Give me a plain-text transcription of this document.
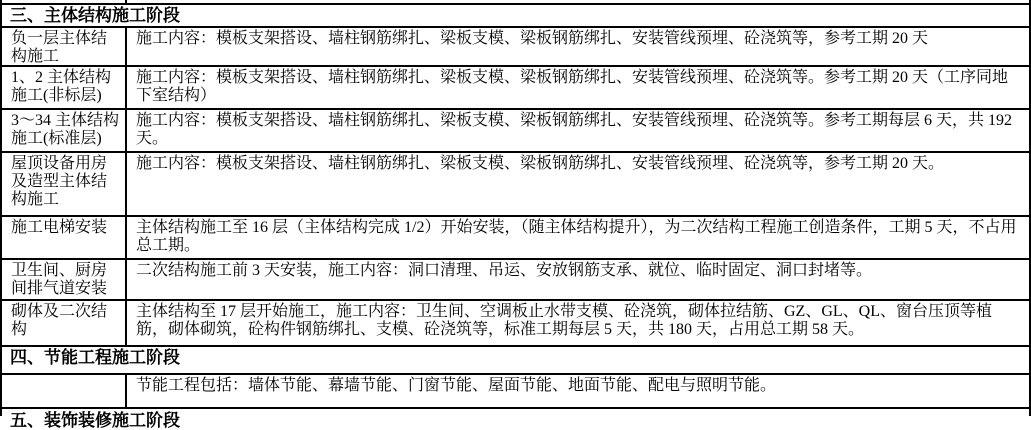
三、主体结构施工阶段
负一层主体结构施工
施工内容：模板支架搭设、墙柱钢筋绑扎、梁板支模、梁板钢筋绑扎、安装管线预埋、砼浇筑等，参考工期 20 天
1、2 主体结构施工(非标层)
施工内容：模板支架搭设、墙柱钢筋绑扎、梁板支模、梁板钢筋绑扎、安装管线预埋、砼浇筑等。参考工期 20 天（工序同地下室结构）
3～34 主体结构施工(标准层)
施工内容：模板支架搭设、墙柱钢筋绑扎、梁板支模、梁板钢筋绑扎、安装管线预埋、砼浇筑等。参考工期每层 6 天，共 192 天。
屋顶设备用房及造型主体结构施工
施工内容：模板支架搭设、墙柱钢筋绑扎、梁板支模、梁板钢筋绑扎、安装管线预埋、砼浇筑等，参考工期 20 天。
施工电梯安装	主体结构施工至 16 层（主体结构完成 1/2）开始安装，（随主体结构提升），为二次结构工程施工创造条件，工期 5 天，不占用总工期。
卫生间、厨房间排气道安装
二次结构施工前 3 天安装，施工内容：洞口清理、吊运、安放钢筋支承、就位、临时固定、洞口封堵等。
砌体及二次结构
主体结构至 17 层开始施工，施工内容：卫生间、空调板止水带支模、砼浇筑，砌体拉结筋、GZ、GL、QL、窗台压顶等植筋，砌体砌筑，砼构件钢筋绑扎、支模、砼浇筑等，标准工期每层 5 天，共 180 天，占用总工期 58 天。
四、节能工程施工阶段
节能工程包括：墙体节能、幕墙节能、门窗节能、屋面节能、地面节能、配电与照明节能。
五、装饰装修施工阶段
